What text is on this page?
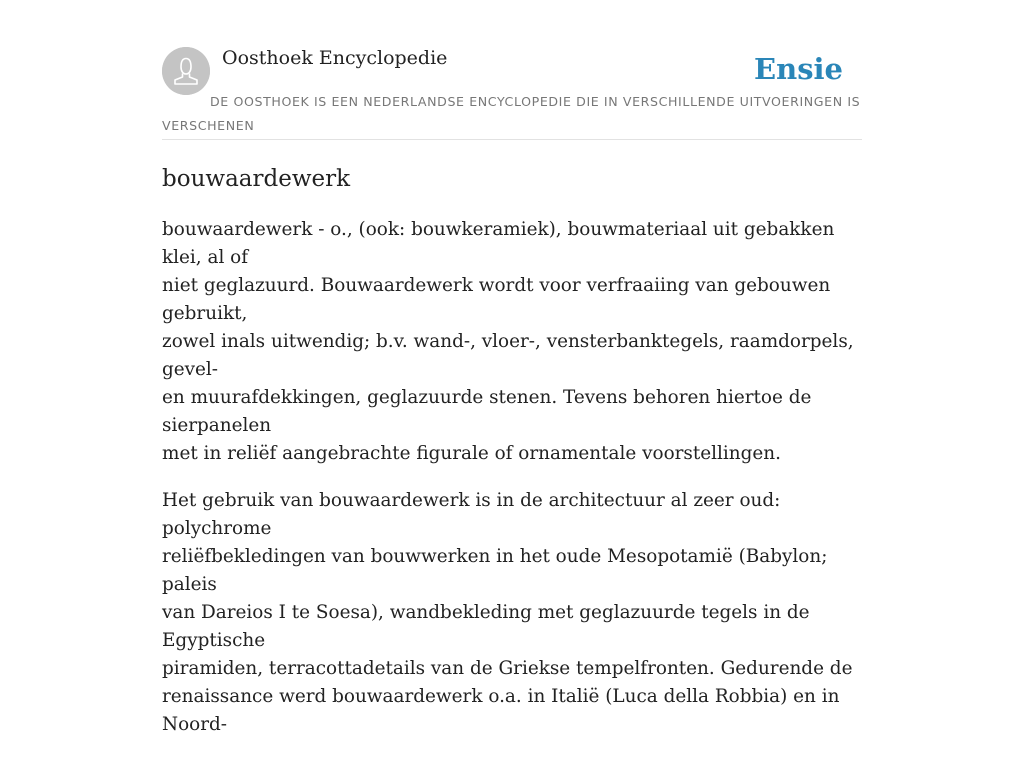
Oosthoek Encyclopedie	Ensie
DE OOSTHOEK IS EEN NEDERLANDSE ENCYCLOPEDIE DIE IN VERSCHILLENDE UITVOERINGEN IS VERSCHENEN
bouwaardewerk

bouwaardewerk - o., (ook: bouwkeramiek), bouwmateriaal uit gebakken klei, al of
niet geglazuurd. Bouwaardewerk wordt voor verfraaiing van gebouwen gebruikt,
zowel inals uitwendig; b.v. wand-, vloer-, vensterbanktegels, raamdorpels, gevel-
en muurafdekkingen, geglazuurde stenen. Tevens behoren hiertoe de sierpanelen
met in reliëf aangebrachte figurale of ornamentale voorstellingen.

Het gebruik van bouwaardewerk is in de architectuur al zeer oud: polychrome
reliëfbekledingen van bouwwerken in het oude Mesopotamië (Babylon; paleis
van Dareios I te Soesa), wandbekleding met geglazuurde tegels in de Egyptische
piramiden, terracottadetails van de Griekse tempelfronten. Gedurende de
renaissance werd bouwaardewerk o.a. in Italië (Luca della Robbia) en in Noord-
